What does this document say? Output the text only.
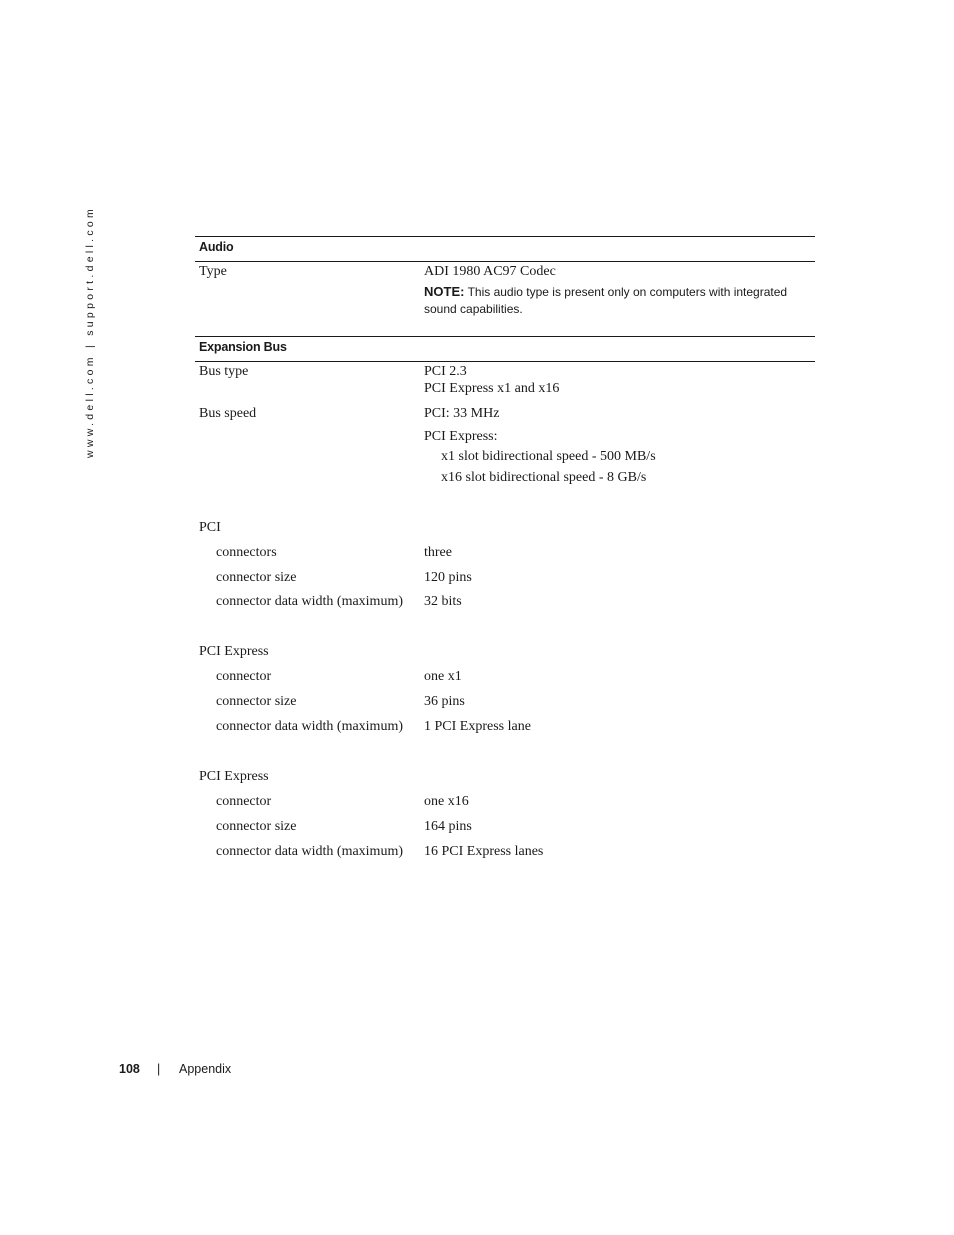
www.dell.com | support.dell.com	Audio
Type	ADI 1980 AC97 Codec
NOTE: This audio type is present only on computers with integrated sound capabilities.
Expansion Bus
Bus type	PCI 2.3
PCI Express x1 and x16
Bus speed	PCI: 33 MHz
PCI Express:
x1 slot bidirectional speed - 500 MB/s
x16 slot bidirectional speed - 8 GB/s
PCI
connectors	three
connector size	120 pins
connector data width (maximum) 32 bits
PCI Express
connector	one x1
connector size	36 pins
connector data width (maximum) 1 PCI Express lane
PCI Express
connector	one x16
connector size	164 pins
connector data width (maximum) 16 PCI Express lanes
108 | Appendix
